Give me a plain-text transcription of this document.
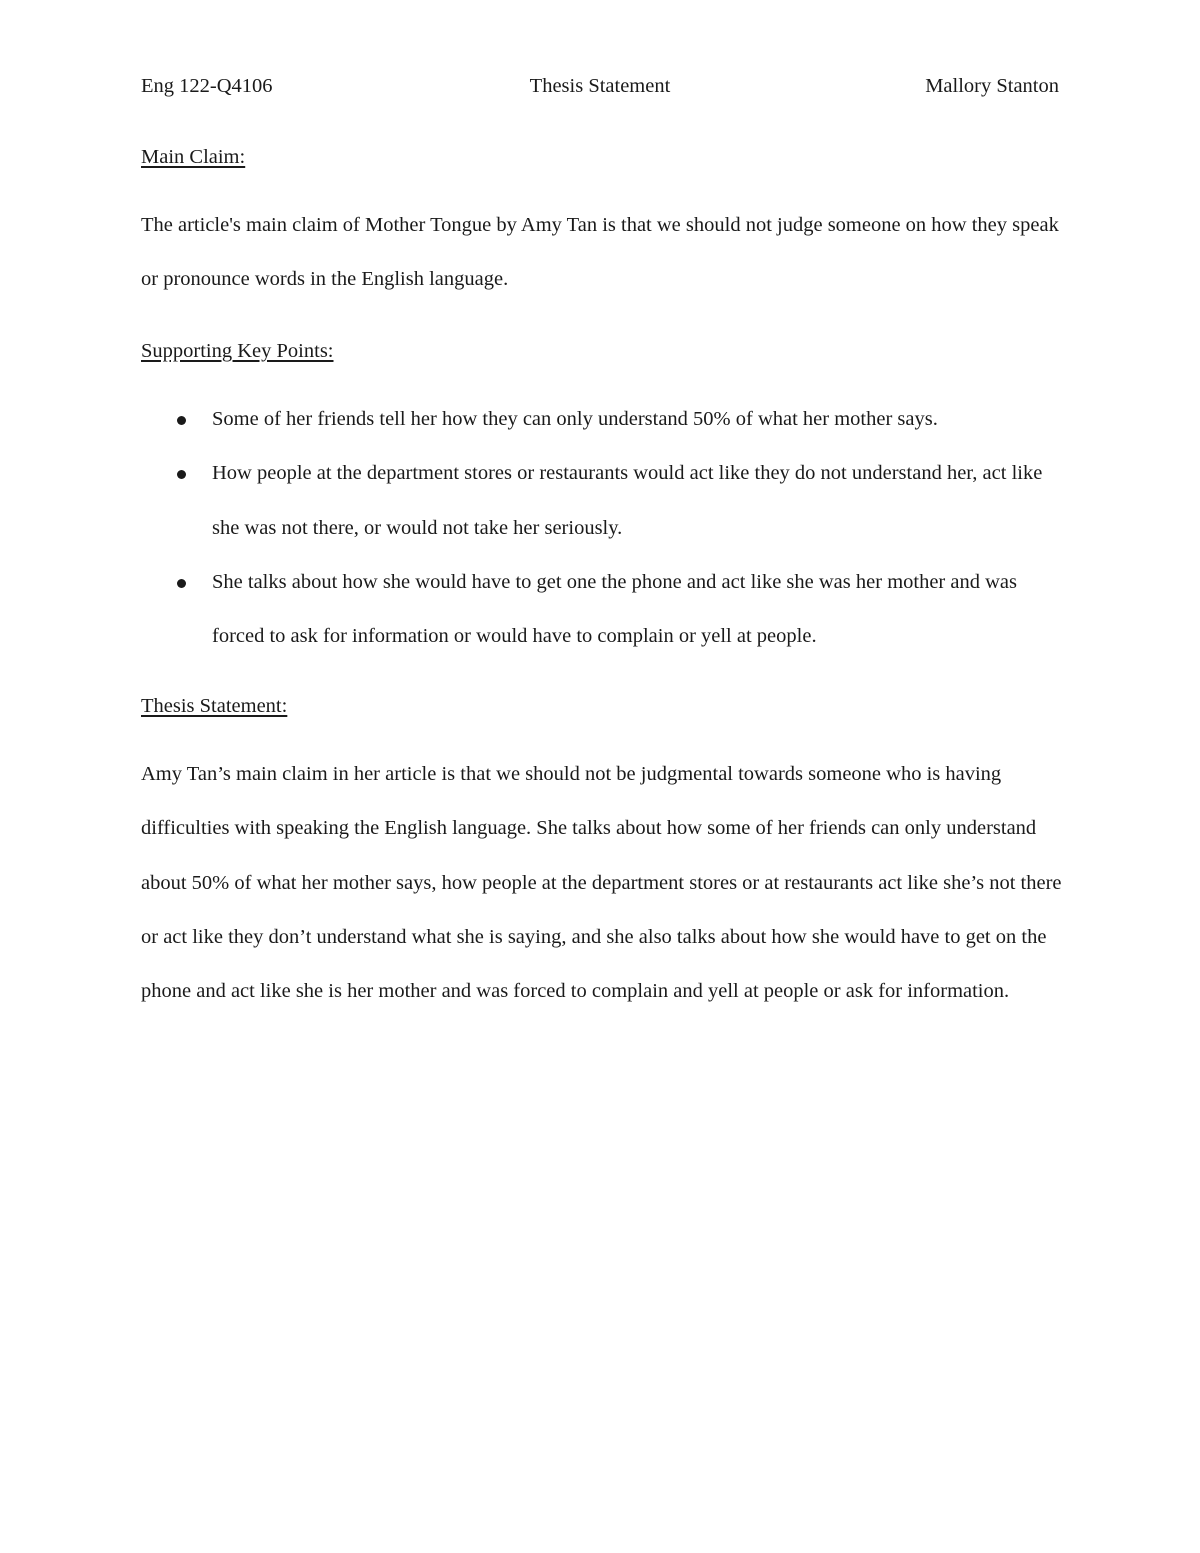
Eng 122-Q4106	Thesis Statement	Mallory Stanton
Main Claim:

The article's main claim of Mother Tongue by Amy Tan is that we should not judge someone on how they speak or pronounce words in the English language.

Supporting Key Points:
Some of her friends tell her how they can only understand 50% of what her mother says.
How people at the department stores or restaurants would act like they do not understand her, act like she was not there, or would not take her seriously.
She talks about how she would have to get one the phone and act like she was her mother and was forced to ask for information or would have to complain or yell at people.
Thesis Statement:

Amy Tan’s main claim in her article is that we should not be judgmental towards someone who is having difficulties with speaking the English language. She talks about how some of her friends can only understand about 50% of what her mother says, how people at the department stores or at restaurants act like she’s not there or act like they don’t understand what she is saying, and she also talks about how she would have to get on the phone and act like she is her mother and was forced to complain and yell at people or ask for information.
